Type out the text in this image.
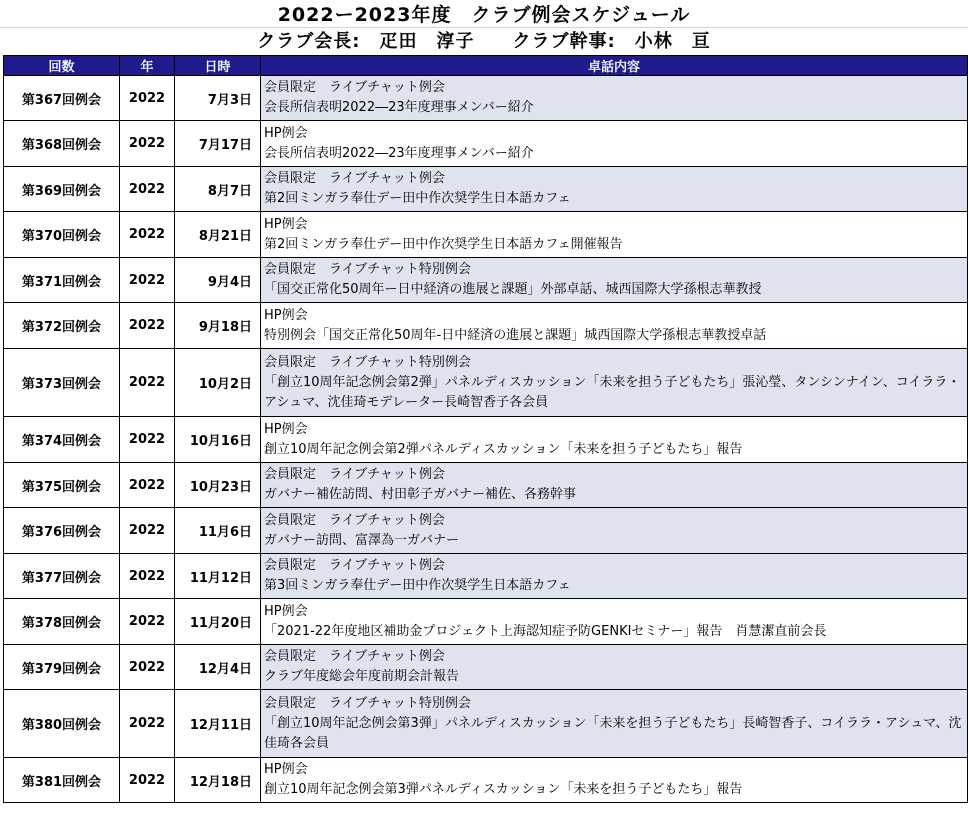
2022ー2023年度　クラブ例会スケジュール
クラブ会長:　疋田　淳子　　クラブ幹事:　小林　亘
回数	年	日時	卓話内容
第367回例会	2022	7月3日	会員限定　ライブチャット例会
会長所信表明2022―23年度理事メンバー紹介

第368回例会	2022	7月17日	HP例会
会長所信表明2022―23年度理事メンバー紹介

第369回例会	2022	8月7日	会員限定　ライブチャット例会
第2回ミンガラ奉仕デー田中作次奨学生日本語カフェ

第370回例会	2022	8月21日	HP例会
第2回ミンガラ奉仕デー田中作次奨学生日本語カフェ開催報告

第371回例会	2022	9月4日	会員限定　ライブチャット特別例会
「国交正常化50周年ー日中経済の進展と課題」外部卓話、城西国際大学孫根志華教授

第372回例会	2022	9月18日	HP例会
特別例会「国交正常化50周年-日中経済の進展と課題」城西国際大学孫根志華教授卓話

第373回例会	2022	10月2日	会員限定　ライブチャット特別例会
「創立10周年記念例会第2弾」パネルディスカッション「未来を担う子どもたち」張沁瑩、タンシンナイン、コイララ・アシュマ、沈佳琦モデレーター長崎智香子各会員

第374回例会	2022	10月16日	HP例会
創立10周年記念例会第2弾パネルディスカッション「未来を担う子どもたち」報告

第375回例会	2022	10月23日	会員限定　ライブチャット例会
ガバナー補佐訪問、村田彰子ガバナー補佐、各務幹事

第376回例会	2022	11月6日	会員限定　ライブチャット例会
ガバナー訪問、富澤為一ガバナー

第377回例会	2022	11月12日	会員限定　ライブチャット例会
第3回ミンガラ奉仕デー田中作次奨学生日本語カフェ

第378回例会	2022	11月20日	HP例会
「2021-22年度地区補助金プロジェクト上海認知症予防GENKIセミナー」報告　肖慧潔直前会長

第379回例会	2022	12月4日	会員限定　ライブチャット例会
クラブ年度総会年度前期会計報告

第380回例会	2022	12月11日	会員限定　ライブチャット特別例会
「創立10周年記念例会第3弾」パネルディスカッション「未来を担う子どもたち」長崎智香子、コイララ・アシュマ、沈佳琦各会員

第381回例会	2022	12月18日	HP例会
創立10周年記念例会第3弾パネルディスカッション「未来を担う子どもたち」報告
